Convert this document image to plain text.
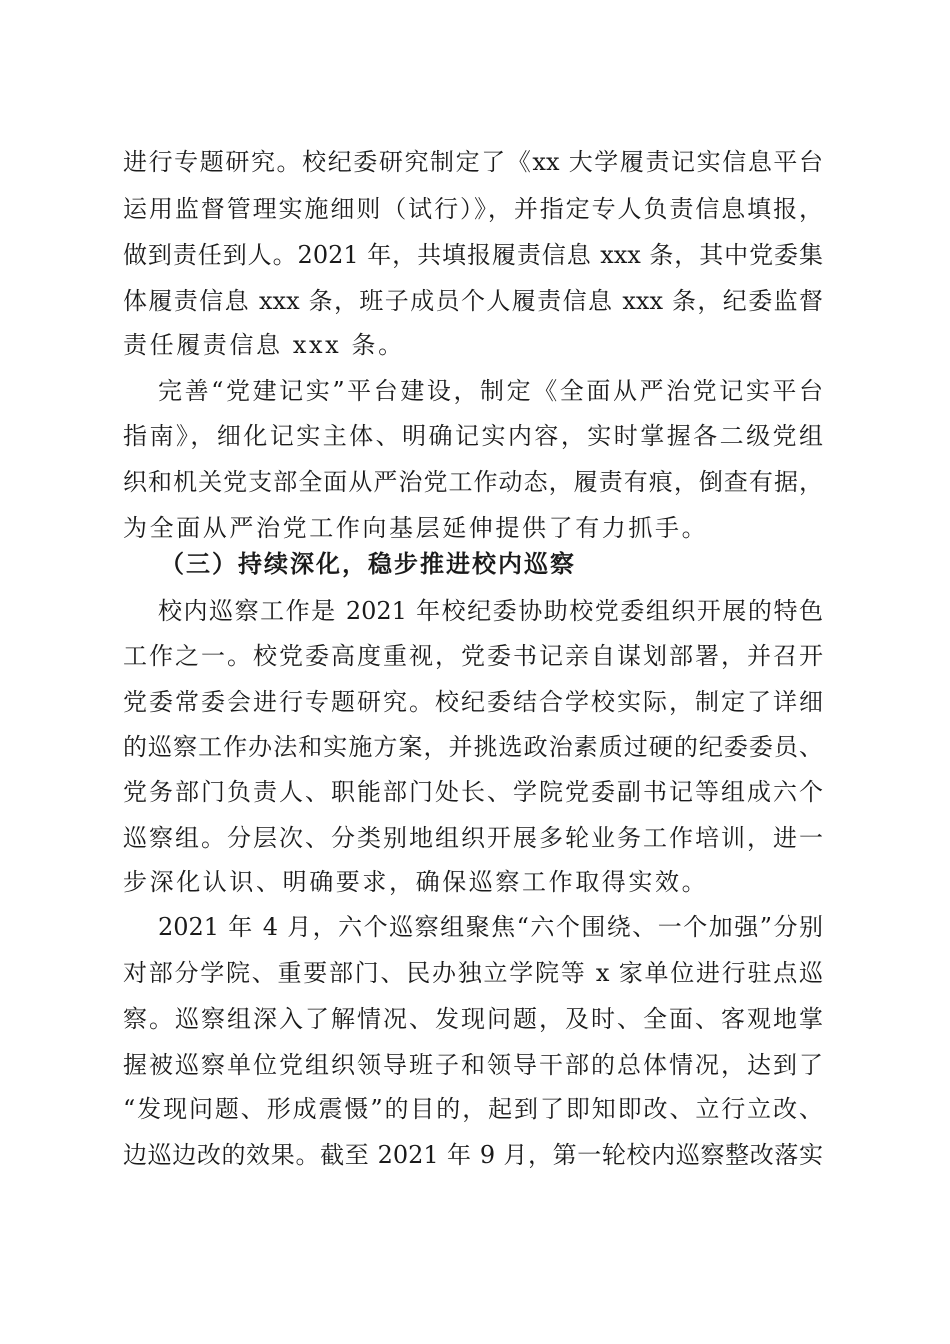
进行专题研究。校纪委研究制定了《xx 大学履责记实信息平台
运用监督管理实施细则（试行）》，并指定专人负责信息填报，
做到责任到人。2021 年，共填报履责信息 xxx 条，其中党委集
体履责信息 xxx 条，班子成员个人履责信息 xxx 条，纪委监督
责任履责信息 xxx 条。
完善“党建记实”平台建设，制定《全面从严治党记实平台
指南》，细化记实主体、明确记实内容，实时掌握各二级党组
织和机关党支部全面从严治党工作动态，履责有痕，倒查有据，
为全面从严治党工作向基层延伸提供了有力抓手。
（三）持续深化，稳步推进校内巡察
校内巡察工作是 2021 年校纪委协助校党委组织开展的特色
工作之一。校党委高度重视，党委书记亲自谋划部署，并召开
党委常委会进行专题研究。校纪委结合学校实际，制定了详细
的巡察工作办法和实施方案，并挑选政治素质过硬的纪委委员、
党务部门负责人、职能部门处长、学院党委副书记等组成六个
巡察组。分层次、分类别地组织开展多轮业务工作培训，进一
步深化认识、明确要求，确保巡察工作取得实效。
2021 年 4 月，六个巡察组聚焦“六个围绕、一个加强”分别
对部分学院、重要部门、民办独立学院等 x 家单位进行驻点巡
察。巡察组深入了解情况、发现问题，及时、全面、客观地掌
握被巡察单位党组织领导班子和领导干部的总体情况，达到了
“发现问题、形成震慑”的目的，起到了即知即改、立行立改、
边巡边改的效果。截至 2021 年 9 月，第一轮校内巡察整改落实
